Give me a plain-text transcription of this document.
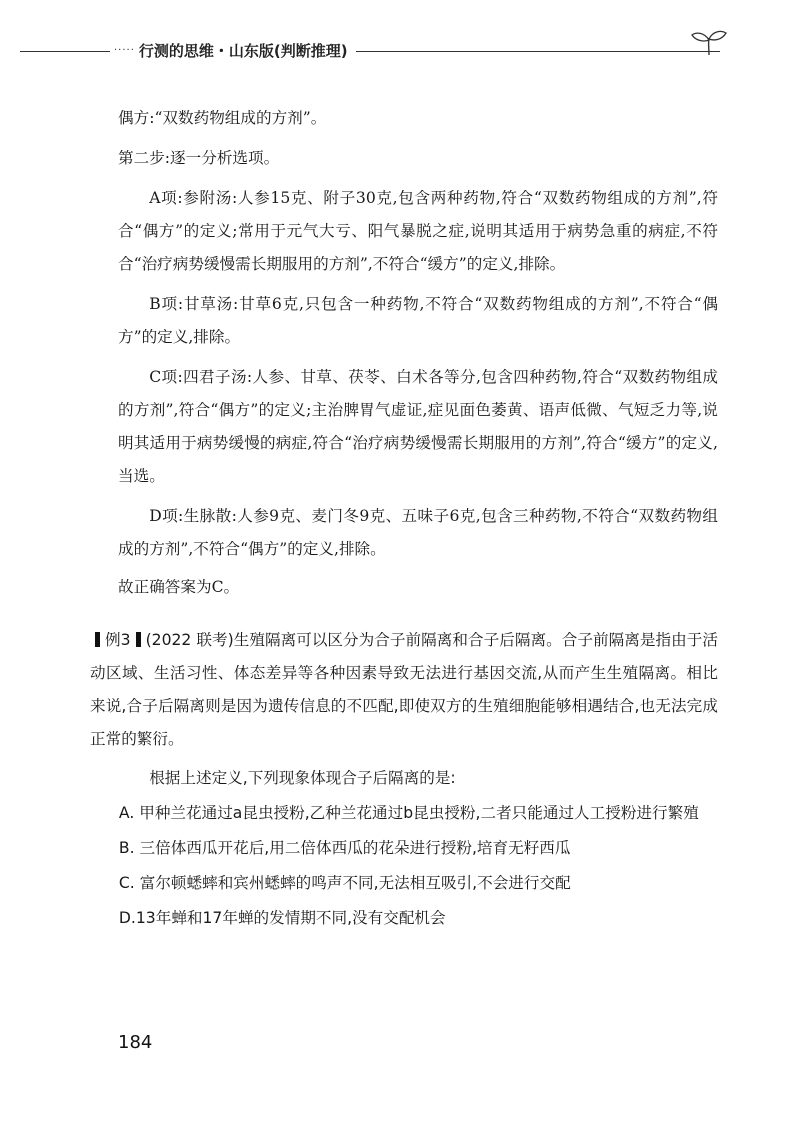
····· 行测的思维・山东版(判断推理)

偶方:“双数药物组成的方剂”。

第二步:逐一分析选项。

A项:参附汤:人参15克、附子30克,包含两种药物,符合“双数药物组成的方剂”,符合“偶方”的定义;常用于元气大亏、阳气暴脱之症,说明其适用于病势急重的病症,不符合“治疗病势缓慢需长期服用的方剂”,不符合“缓方”的定义,排除。

B项:甘草汤:甘草6克,只包含一种药物,不符合“双数药物组成的方剂”,不符合“偶方”的定义,排除。

C项:四君子汤:人参、甘草、茯苓、白术各等分,包含四种药物,符合“双数药物组成的方剂”,符合“偶方”的定义;主治脾胃气虚证,症见面色萎黄、语声低微、气短乏力等,说明其适用于病势缓慢的病症,符合“治疗病势缓慢需长期服用的方剂”,符合“缓方”的定义,当选。

D项:生脉散:人参9克、麦门冬9克、五味子6克,包含三种药物,不符合“双数药物组成的方剂”,不符合“偶方”的定义,排除。

故正确答案为C。

例3 (2022 联考)生殖隔离可以区分为合子前隔离和合子后隔离。合子前隔离是指由于活动区域、生活习性、体态差异等各种因素导致无法进行基因交流,从而产生生殖隔离。相比来说,合子后隔离则是因为遗传信息的不匹配,即使双方的生殖细胞能够相遇结合,也无法完成正常的繁衍。

根据上述定义,下列现象体现合子后隔离的是:

A. 甲种兰花通过a昆虫授粉,乙种兰花通过b昆虫授粉,二者只能通过人工授粉进行繁殖

B. 三倍体西瓜开花后,用二倍体西瓜的花朵进行授粉,培育无籽西瓜

C. 富尔顿蟋蟀和宾州蟋蟀的鸣声不同,无法相互吸引,不会进行交配

D.13年蝉和17年蝉的发情期不同,没有交配机会

184
